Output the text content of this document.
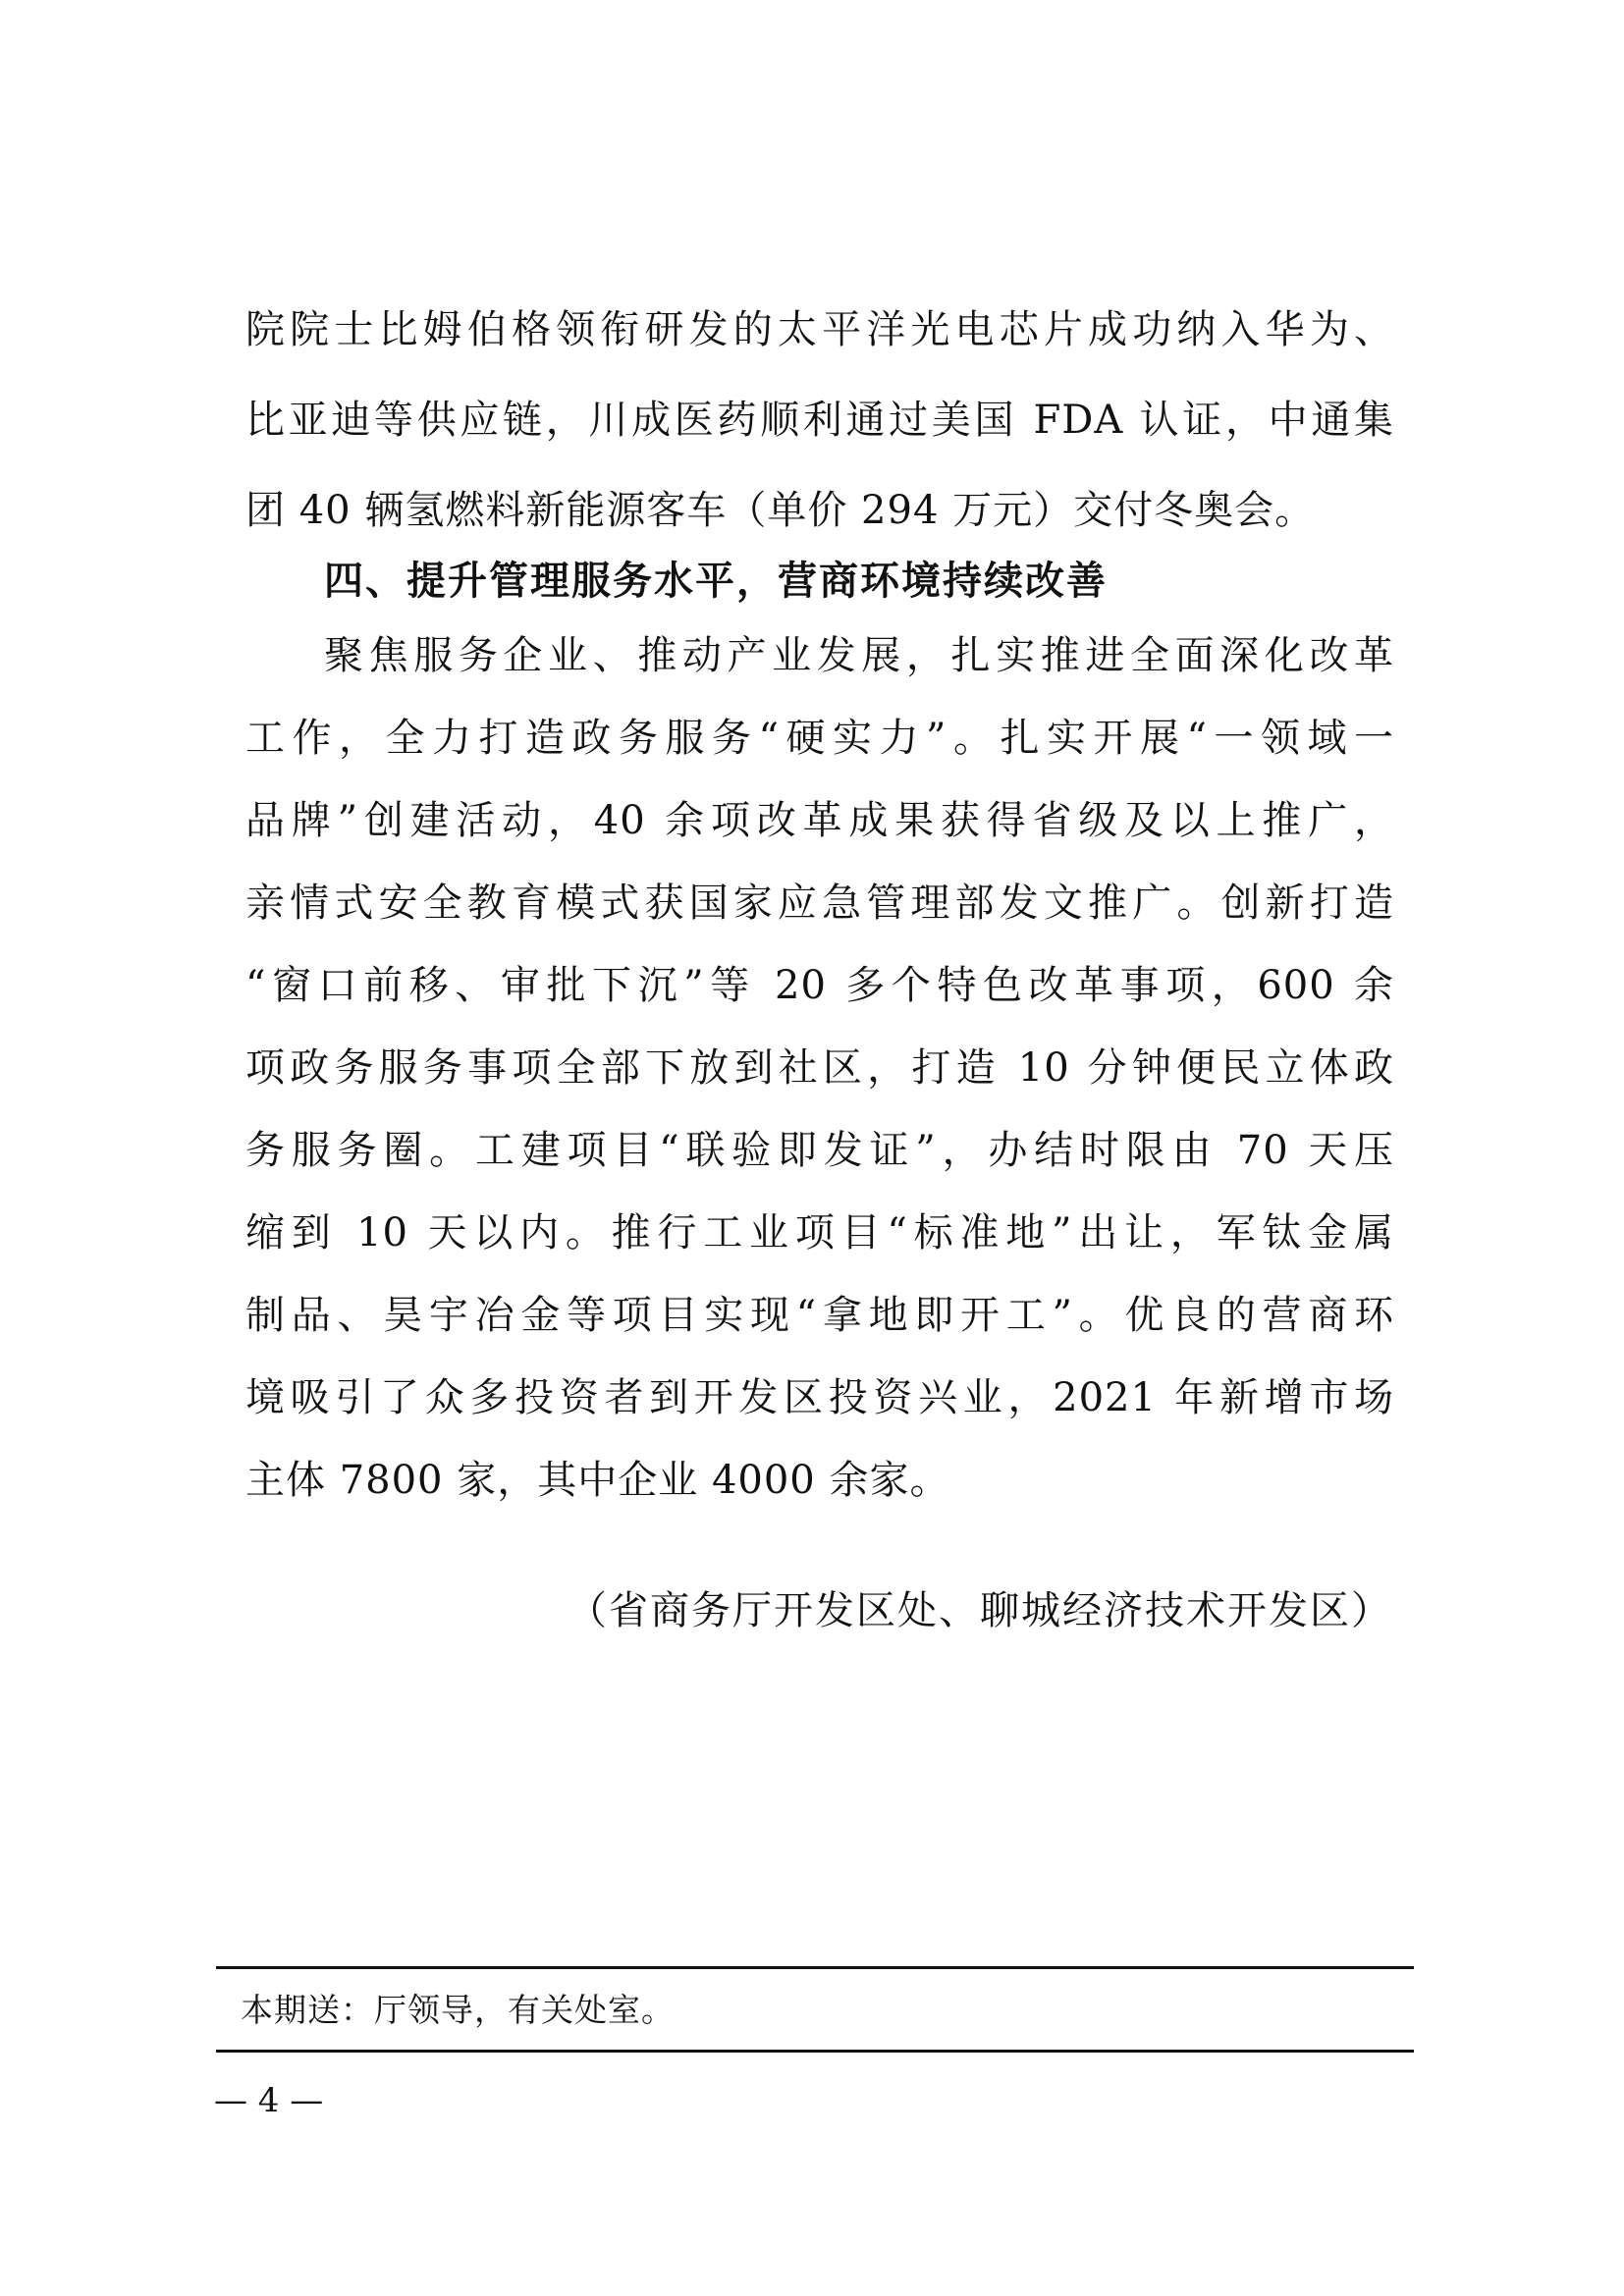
院院士比姆伯格领衔研发的太平洋光电芯片成功纳入华为、
比亚迪等供应链，川成医药顺利通过美国 FDA 认证，中通集
团 40 辆氢燃料新能源客车（单价 294 万元）交付冬奥会。
四、提升管理服务水平，营商环境持续改善
聚焦服务企业、推动产业发展，扎实推进全面深化改革
工作，全力打造政务服务“硬实力”。扎实开展“一领域一
品牌”创建活动，40 余项改革成果获得省级及以上推广，
亲情式安全教育模式获国家应急管理部发文推广。创新打造
“窗口前移、审批下沉”等 20 多个特色改革事项，600 余
项政务服务事项全部下放到社区，打造 10 分钟便民立体政
务服务圈。工建项目“联验即发证”，办结时限由 70 天压
缩到 10 天以内。推行工业项目“标准地”出让，军钛金属
制品、昊宇冶金等项目实现“拿地即开工”。优良的营商环
境吸引了众多投资者到开发区投资兴业，2021 年新增市场
主体 7800 家，其中企业 4000 余家。
（省商务厅开发区处、聊城经济技术开发区）
本期送：厅领导，有关处室。
— 4 —
